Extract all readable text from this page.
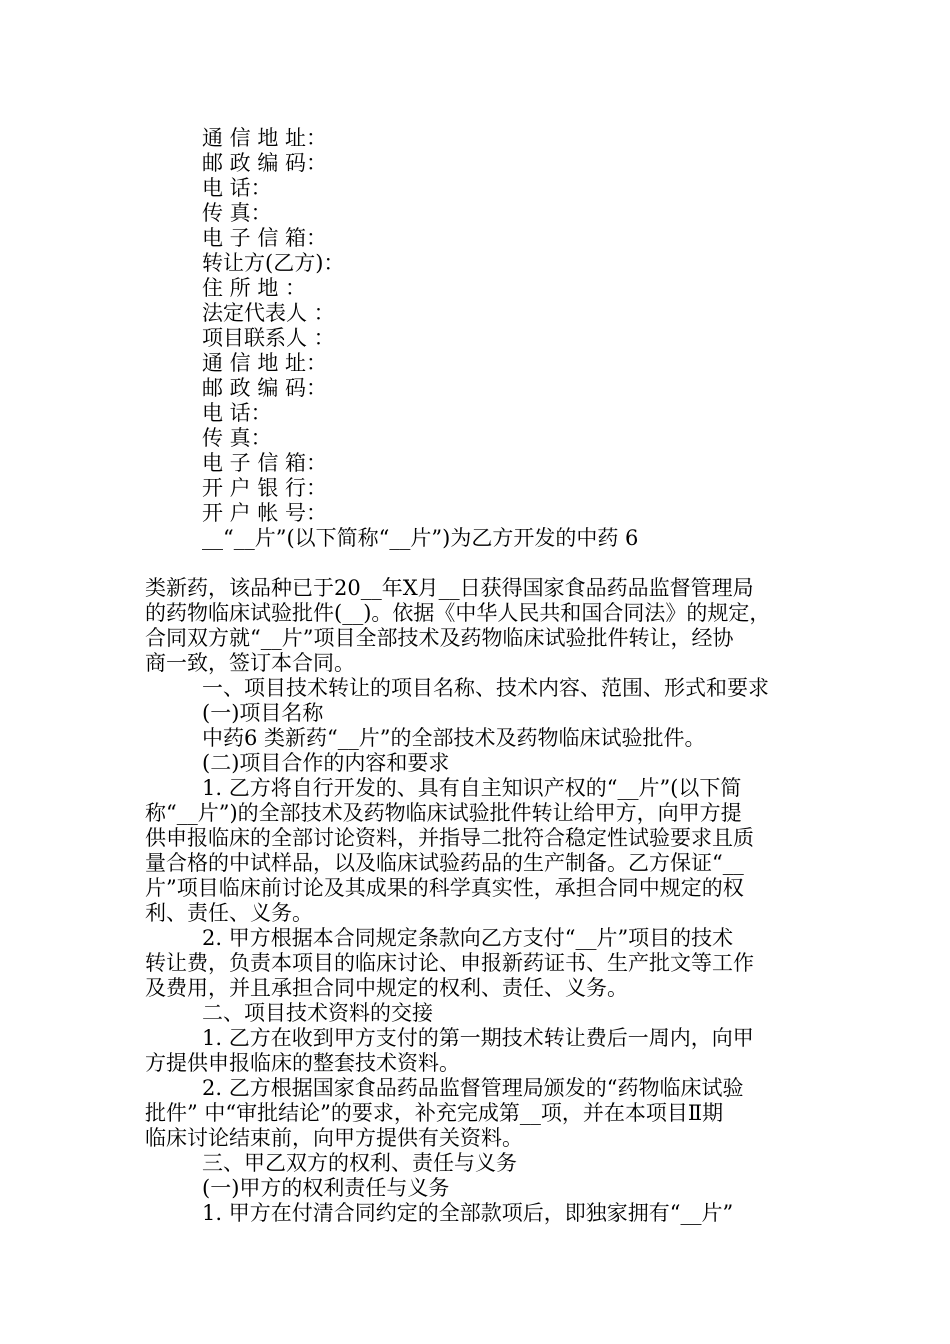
通 信 地 址：
邮 政 编 码：
电 话：
传 真：
电 子 信 箱：
转让方(乙方)：
住 所 地 ：
法定代表人 ：
项目联系人 ：
通 信 地 址：
邮 政 编 码：
电 话：
传 真：
电 子 信 箱：
开 户 银 行：
开 户 帐 号：
__“__片”(以下简称“__片”)为乙方开发的中药 6
类新药，该品种已于20__年X月__日获得国家食品药品监督管理局
的药物临床试验批件(__)。依据《中华人民共和国合同法》的规定，
合同双方就“__片”项目全部技术及药物临床试验批件转让，经协
商一致，签订本合同。
一、项目技术转让的项目名称、技术内容、范围、形式和要求
(一)项目名称
中药6 类新药“__片”的全部技术及药物临床试验批件。
(二)项目合作的内容和要求
1. 乙方将自行开发的、具有自主知识产权的“__片”(以下简
称“__片”)的全部技术及药物临床试验批件转让给甲方，向甲方提
供申报临床的全部讨论资料，并指导二批符合稳定性试验要求且质
量合格的中试样品，以及临床试验药品的生产制备。乙方保证“__
片”项目临床前讨论及其成果的科学真实性，承担合同中规定的权
利、责任、义务。
2. 甲方根据本合同规定条款向乙方支付“__片”项目的技术
转让费，负责本项目的临床讨论、申报新药证书、生产批文等工作
及费用，并且承担合同中规定的权利、责任、义务。
二、项目技术资料的交接
1. 乙方在收到甲方支付的第一期技术转让费后一周内，向甲
方提供申报临床的整套技术资料。
2. 乙方根据国家食品药品监督管理局颁发的“药物临床试验
批件” 中“审批结论”的要求，补充完成第__项，并在本项目Ⅱ期
临床讨论结束前，向甲方提供有关资料。
三、甲乙双方的权利、责任与义务
(一)甲方的权利责任与义务
1. 甲方在付清合同约定的全部款项后，即独家拥有“__片”
